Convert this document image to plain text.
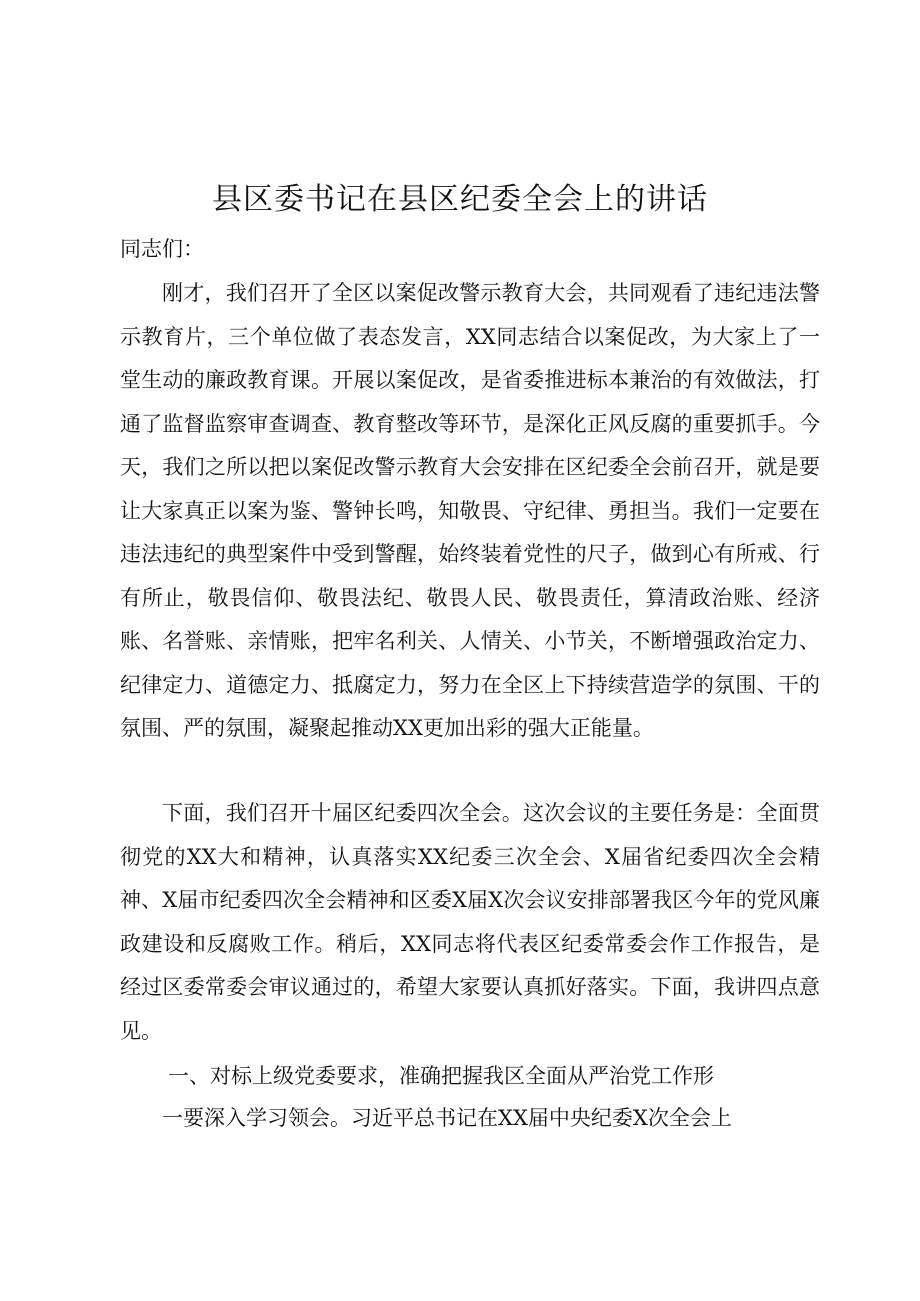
县区委书记在县区纪委全会上的讲话
同志们：

刚才，我们召开了全区以案促改警示教育大会，共同观看了违纪违法警示教育片，三个单位做了表态发言，XX同志结合以案促改，为大家上了一堂生动的廉政教育课。开展以案促改，是省委推进标本兼治的有效做法，打通了监督监察审查调查、教育整改等环节，是深化正风反腐的重要抓手。今天，我们之所以把以案促改警示教育大会安排在区纪委全会前召开，就是要让大家真正以案为鉴、警钟长鸣，知敬畏、守纪律、勇担当。我们一定要在违法违纪的典型案件中受到警醒，始终装着党性的尺子，做到心有所戒、行有所止，敬畏信仰、敬畏法纪、敬畏人民、敬畏责任，算清政治账、经济账、名誉账、亲情账，把牢名利关、人情关、小节关，不断增强政治定力、纪律定力、道德定力、抵腐定力，努力在全区上下持续营造学的氛围、干的氛围、严的氛围，凝聚起推动XX更加出彩的强大正能量。

下面，我们召开十届区纪委四次全会。这次会议的主要任务是：全面贯彻党的XX大和精神，认真落实XX纪委三次全会、X届省纪委四次全会精神、X届市纪委四次全会精神和区委X届X次会议安排部署我区今年的党风廉政建设和反腐败工作。稍后，XX同志将代表区纪委常委会作工作报告，是经过区委常委会审议通过的，希望大家要认真抓好落实。下面，我讲四点意见。

一、对标上级党委要求，准确把握我区全面从严治党工作形

一要深入学习领会。习近平总书记在XX届中央纪委X次全会上
